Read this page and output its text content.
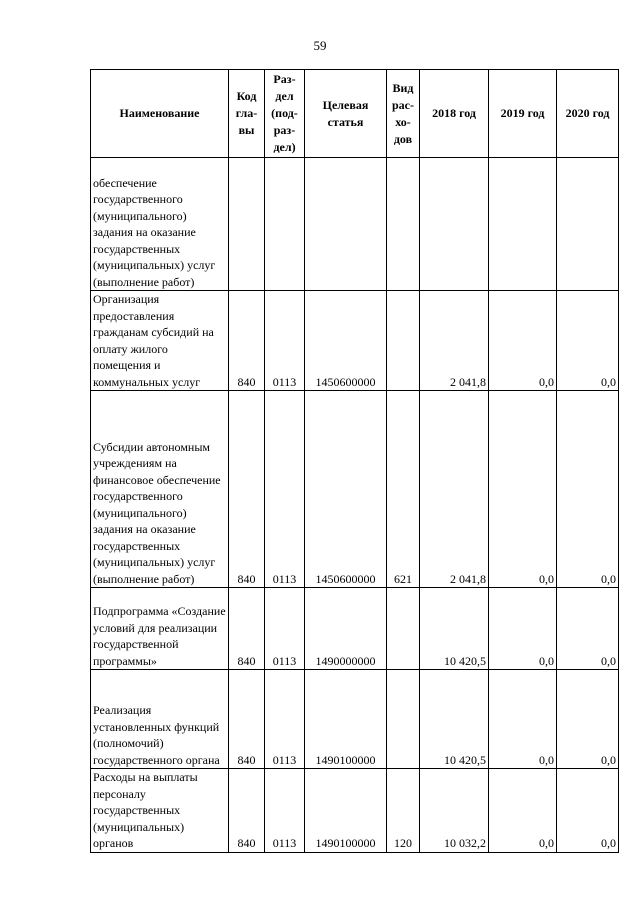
59
Наименование	Код гла- вы	Раз- дел (под- раз- дел)	Целевая статья	Вид рас- хо- дов	2018 год	2019 год	2020 год
обеспечение государственного (муниципального) задания на оказание государственных (муниципальных) услуг (выполнение работ)							
Организация предоставления гражданам субсидий на оплату жилого помещения и коммунальных услуг	840	0113	1450600000		2 041,8	0,0	0,0
Субсидии автономным учреждениям на финансовое обеспечение государственного (муниципального) задания на оказание государственных (муниципальных) услуг (выполнение работ)	840	0113	1450600000	621	2 041,8	0,0	0,0
Подпрограмма «Создание условий для реализации государственной программы»	840	0113	1490000000		10 420,5	0,0	0,0
Реализация установленных функций (полномочий) государственного органа	840	0113	1490100000		10 420,5	0,0	0,0
Расходы на выплаты персоналу государственных (муниципальных) органов	840	0113	1490100000	120	10 032,2	0,0	0,0
